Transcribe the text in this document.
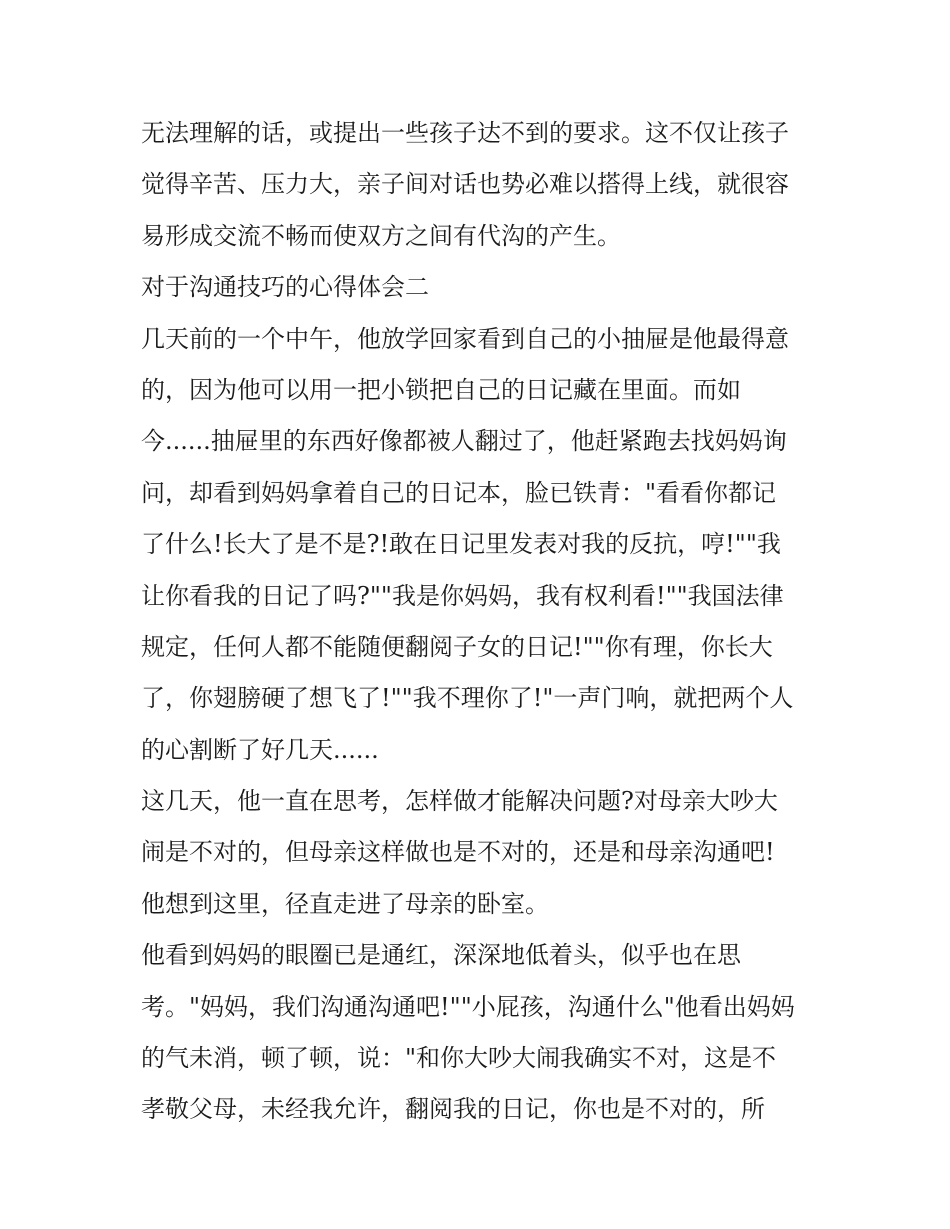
无法理解的话，或提出一些孩子达不到的要求。这不仅让孩子
觉得辛苦、压力大，亲子间对话也势必难以搭得上线，就很容
易形成交流不畅而使双方之间有代沟的产生。
对于沟通技巧的心得体会二
几天前的一个中午，他放学回家看到自己的小抽屉是他最得意
的，因为他可以用一把小锁把自己的日记藏在里面。而如
今......抽屉里的东西好像都被人翻过了，他赶紧跑去找妈妈询
问，却看到妈妈拿着自己的日记本，脸已铁青："看看你都记
了什么!长大了是不是?!敢在日记里发表对我的反抗，哼!""我
让你看我的日记了吗?""我是你妈妈，我有权利看!""我国法律
规定，任何人都不能随便翻阅子女的日记!""你有理，你长大
了，你翅膀硬了想飞了!""我不理你了!"一声门响，就把两个人
的心割断了好几天......
这几天，他一直在思考，怎样做才能解决问题?对母亲大吵大
闹是不对的，但母亲这样做也是不对的，还是和母亲沟通吧!
他想到这里，径直走进了母亲的卧室。
他看到妈妈的眼圈已是通红，深深地低着头，似乎也在思
考。"妈妈，我们沟通沟通吧!""小屁孩，沟通什么"他看出妈妈
的气未消，顿了顿，说："和你大吵大闹我确实不对，这是不
孝敬父母，未经我允许，翻阅我的日记，你也是不对的，所
